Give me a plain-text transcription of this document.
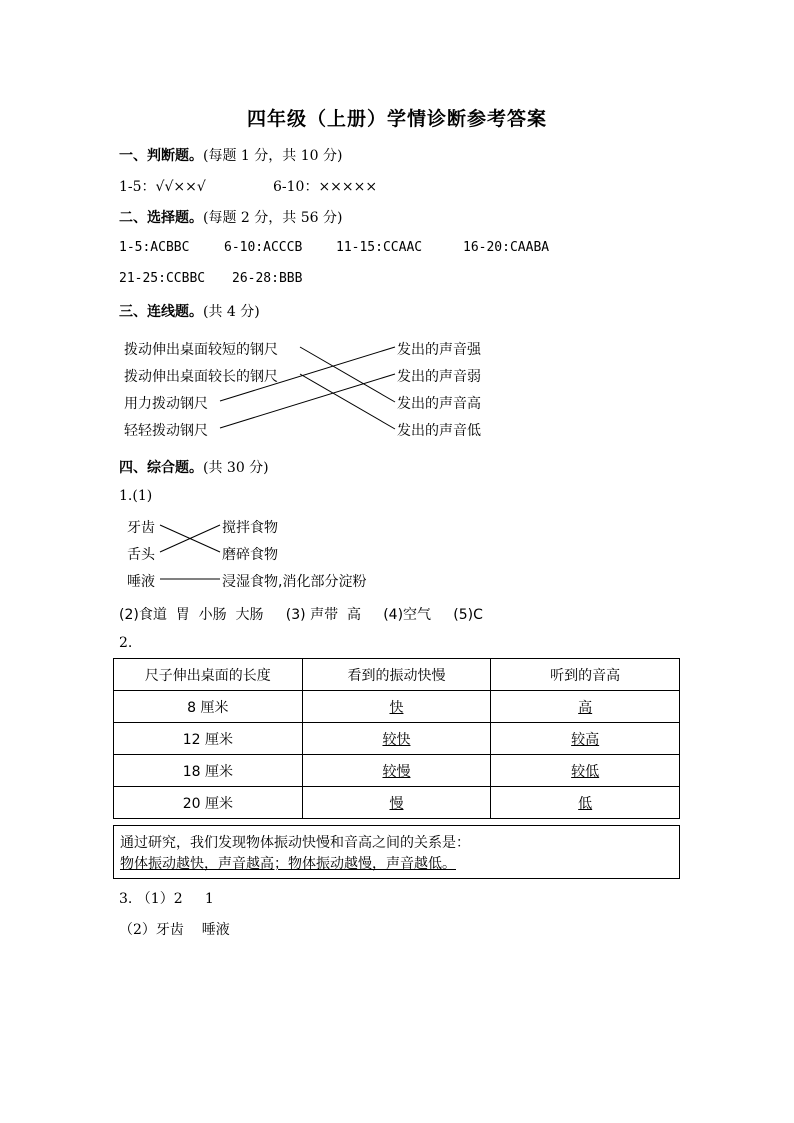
四年级（上册）学情诊断参考答案
一、判断题。(每题 1 分，共 10 分)
1-5：√√××√	6-10：×××××
二、选择题。(每题 2 分，共 56 分)
1-5:ACBBC	6-10:ACCCB	11-15:CCAAC	16-20:CAABA
21-25:CCBBC 26-28:BBB
三、连线题。(共 4 分)
拨动伸出桌面较短的钢尺
拨动伸出桌面较长的钢尺
用力拨动钢尺
轻轻拨动钢尺
发出的声音强
发出的声音弱
发出的声音高
发出的声音低
四、综合题。(共 30 分)
1.(1)
牙齿
舌头
唾液
搅拌食物
磨碎食物
浸湿食物,消化部分淀粉
(2)食道  胃  小肠  大肠     (3) 声带  高     (4)空气     (5)C
2.
尺子伸出桌面的长度	看到的振动快慢	听到的音高
8 厘米	快	高
12 厘米	较快	较高
18 厘米	较慢	较低
20 厘米	慢	低
通过研究，我们发现物体振动快慢和音高之间的关系是：
物体振动越快，声音越高；物体振动越慢，声音越低。
3. （1）2     1
（2）牙齿    唾液
